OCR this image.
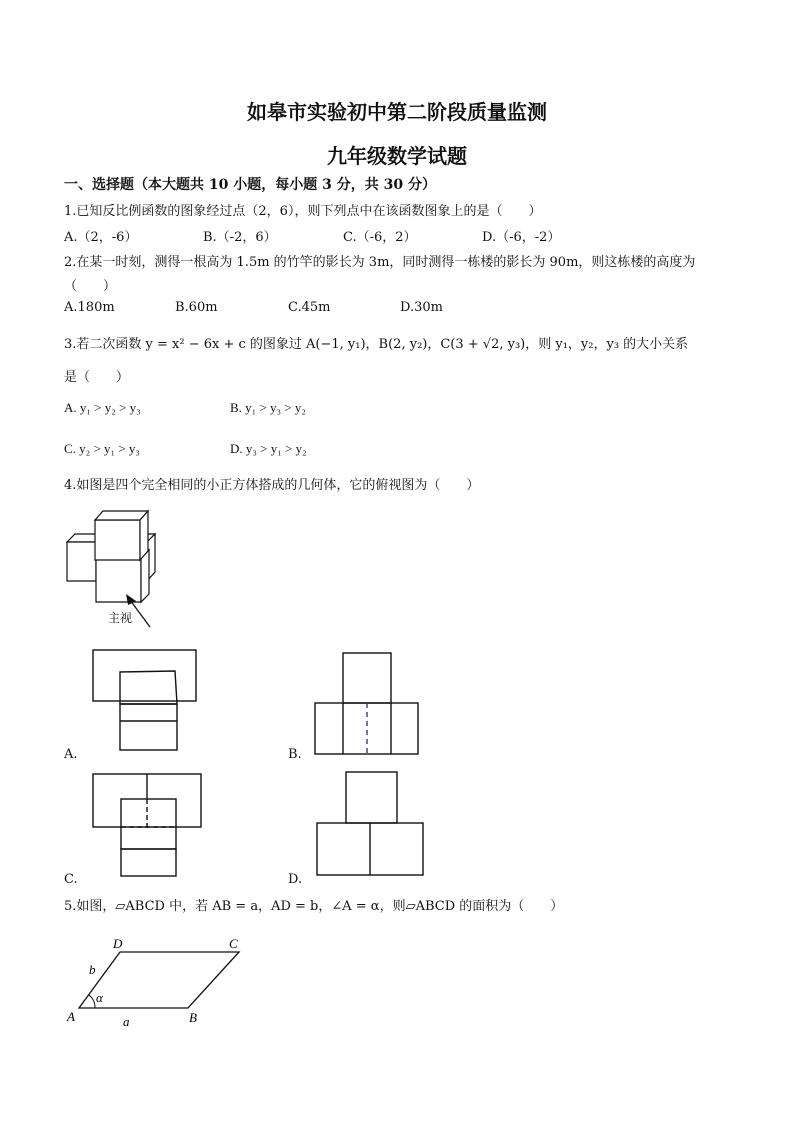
如皋市实验初中第二阶段质量监测
九年级数学试题
一、选择题（本大题共 10 小题，每小题 3 分，共 30 分）
1.已知反比例函数的图象经过点（2，6），则下列点中在该函数图象上的是（　　）
A.（2，-6）	B.（-2，6）	C.（-6，2）	D.（-6，-2）
2.在某一时刻，测得一根高为 1.5m 的竹竿的影长为 3m，同时测得一栋楼的影长为 90m，则这栋楼的高度为
（　　）
A.180m	B.60m	C.45m	D.30m
3.若二次函数 y = x² − 6x + c 的图象过 A(−1, y₁)，B(2, y₂)，C(3 + √2, y₃)，则 y₁，y₂，y₃ 的大小关系
是（　　）
A. y₁ > y₂ > y₃	B. y₁ > y₃ > y₂
C. y₂ > y₁ > y₃	D. y₃ > y₁ > y₂
4.如图是四个完全相同的小正方体搭成的几何体，它的俯视图为（　　）
主视
A.	B.
C.	D.
5.如图，▱ABCD 中，若 AB = a，AD = b，∠A = α，则▱ABCD 的面积为（　　）
A	B
C
D
a
b
α
